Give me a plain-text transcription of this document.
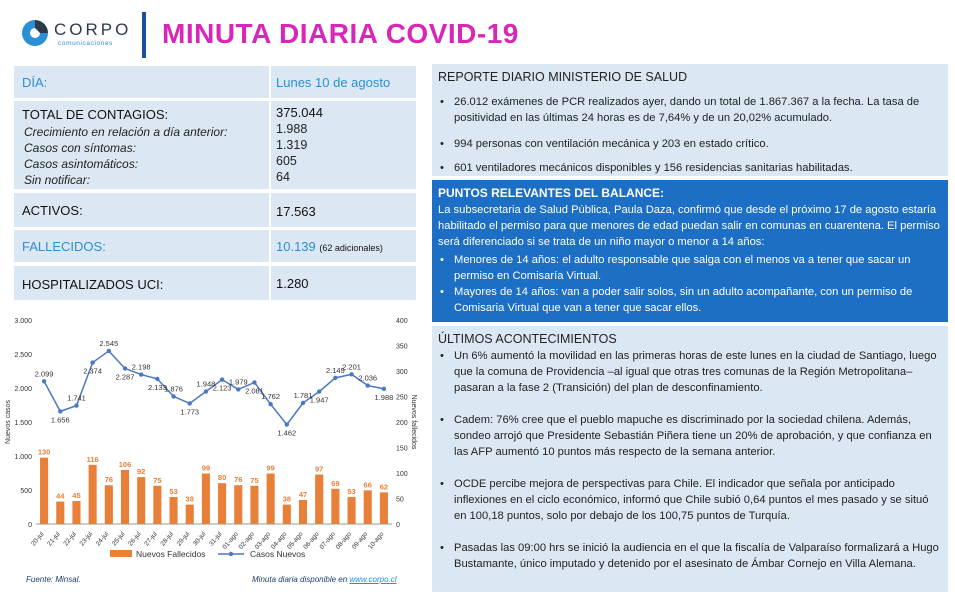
CORPO
comunicaciones MINUTA DIARIA COVID-19
DÍA:	Lunes 10 de agosto
TOTAL DE CONTAGIOS:	375.044
Crecimiento en relación a día anterior:	1.988
Casos con síntomas:	1.319
Casos asintomáticos:	605
Sin notificar:	64
ACTIVOS:	17.563
FALLECIDOS:	10.139 (62 adicionales)
HOSPITALIZADOS UCI:	1.280
0
500
1.000
1.500
2.000
2.500
3.000
0
50
100
150
200
250
300
350
400
Nuevos casos	Nuevos fallecidos
130
44 45
116
76
106
92
75
53
38
99
80 76 75
99
38
47
97
69
53
66 62
2.099
1.656
1.741
2.374
2.545
2.287
2.198
2.133
1.876
1.773
1.948
2.123
1.979
2.081
1.762
1.462
1.781
1.947
2.149
2.201
2.036
1.988
20-jul 21-jul 22-jul 23-jul 24-jul 25-jul 26-jul 27-jul 28-jul 29-jul 30-jul 31-jul
01-ago
02-ago
03-ago
04-ago
05-ago
06-ago
07-ago
08-ago
09-ago
10-ago
Nuevos Fallecidos	Casos Nuevos
Fuente: Minsal.	Minuta diaria disponible en www.corpo.cl
REPORTE DIARIO MINISTERIO DE SALUD
• 26.012 exámenes de PCR realizados ayer, dando un total de 1.867.367 a la fecha. La tasa de positividad en las últimas 24 horas es de 7,64% y de un 20,02% acumulado.
• 994 personas con ventilación mecánica y 203 en estado crítico.
• 601 ventiladores mecánicos disponibles y 156 residencias sanitarias habilitadas.
PUNTOS RELEVANTES DEL BALANCE:
La subsecretaria de Salud Pública, Paula Daza, confirmó que desde el próximo 17 de agosto estaría habilitado el permiso para que menores de edad puedan salir en comunas en cuarentena. El permiso será diferenciado si se trata de un niño mayor o menor a 14 años:
• Menores de 14 años: el adulto responsable que salga con el menos va a tener que sacar un permiso en Comisaría Virtual.
• Mayores de 14 años: van a poder salir solos, sin un adulto acompañante, con un permiso de Comisaria Virtual que van a tener que sacar ellos.
ÚLTIMOS ACONTECIMIENTOS
• Un 6% aumentó la movilidad en las primeras horas de este lunes en la ciudad de Santiago, luego que la comuna de Providencia –al igual que otras tres comunas de la Región Metropolitana– pasaran a la fase 2 (Transición) del plan de desconfinamiento.
• Cadem: 76% cree que el pueblo mapuche es discriminado por la sociedad chilena. Además, sondeo arrojó que Presidente Sebastián Piñera tiene un 20% de aprobación, y que confianza en las AFP aumentó 10 puntos más respecto de la semana anterior.
• OCDE percibe mejora de perspectivas para Chile. El indicador que señala por anticipado inflexiones en el ciclo económico, informó que Chile subió 0,64 puntos el mes pasado y se situó en 100,18 puntos, solo por debajo de los 100,75 puntos de Turquía.
• Pasadas las 09:00 hrs se inició la audiencia en el que la fiscalía de Valparaíso formalizará a Hugo Bustamante, único imputado y detenido por el asesinato de Ámbar Cornejo en Villa Alemana.
